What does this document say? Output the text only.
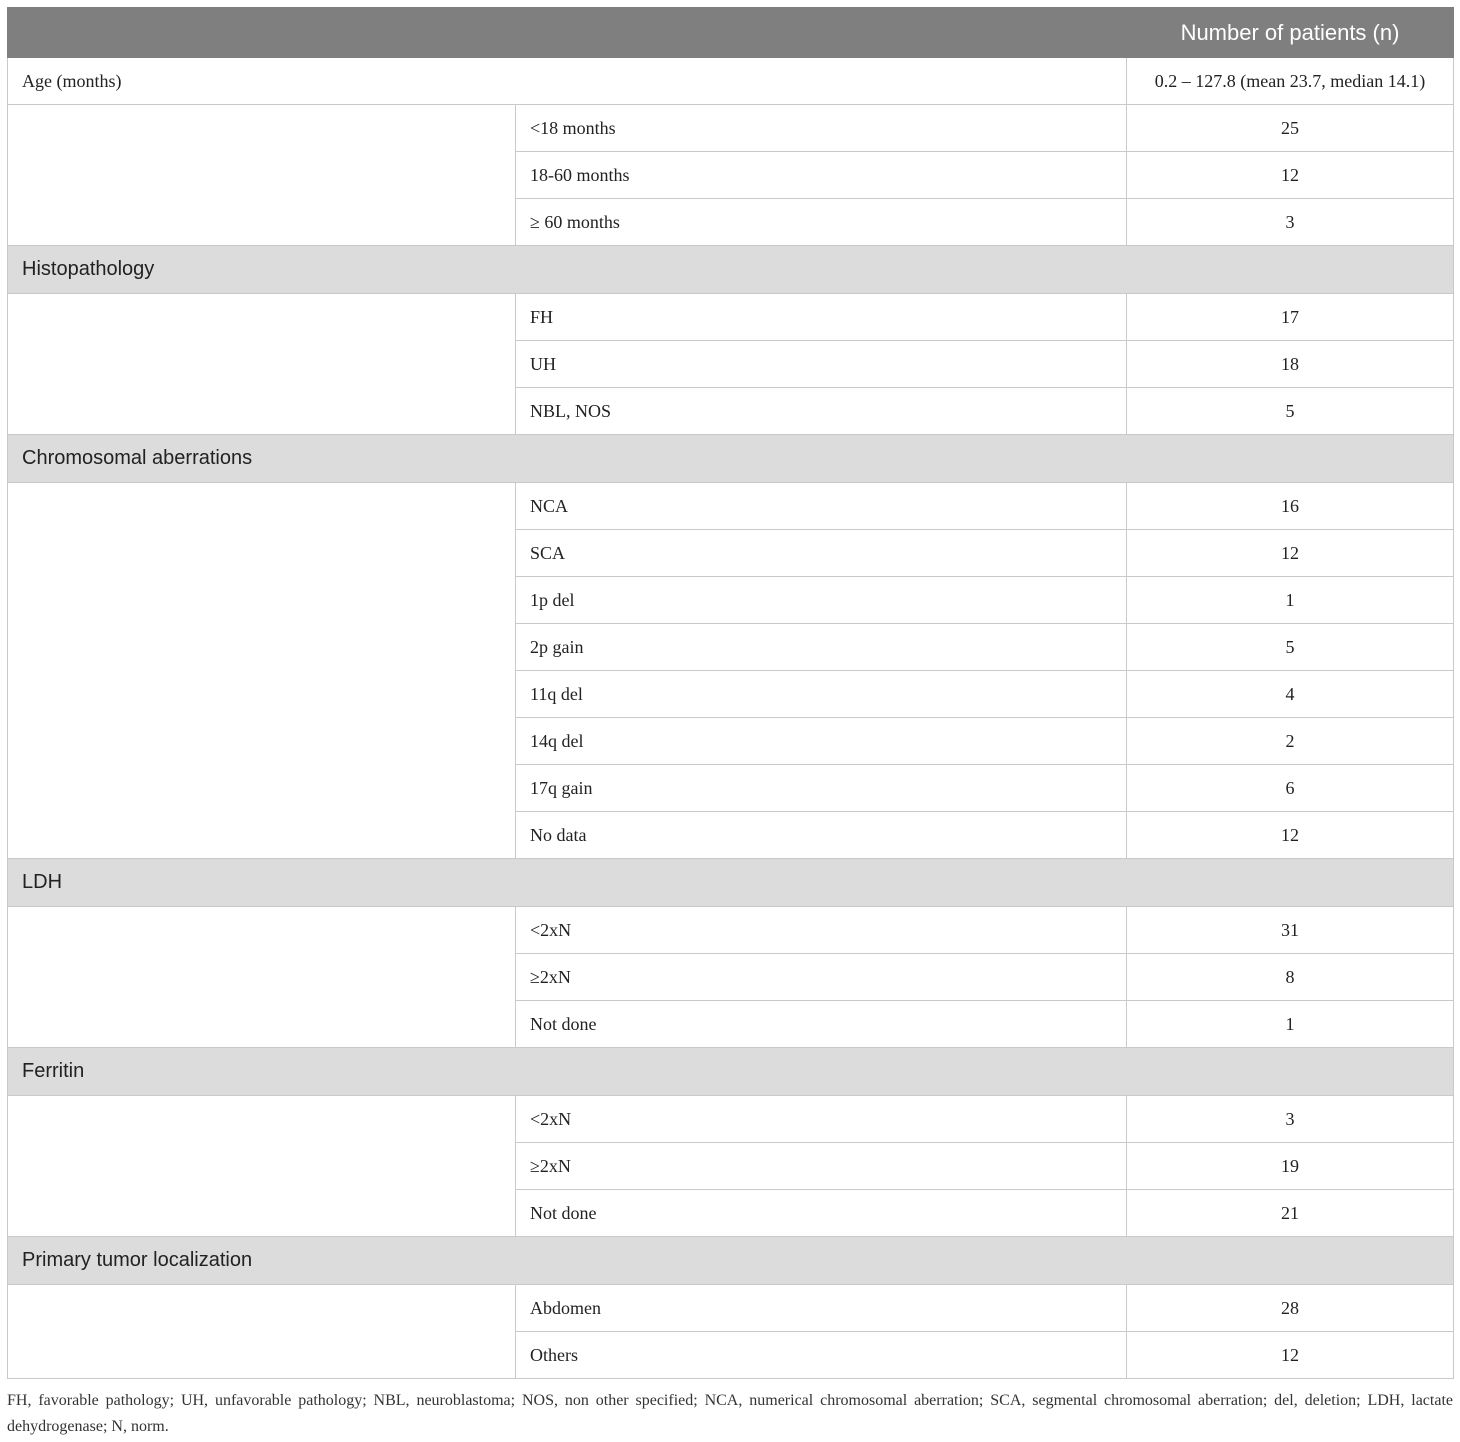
		Number of patients (n)
Age (months)		0.2 – 127.8 (mean 23.7, median 14.1)
	<18 months	25
	18-60 months	12
	≥ 60 months	3
Histopathology		
	FH	17
	UH	18
	NBL, NOS	5
Chromosomal aberrations		
	NCA	16
	SCA	12
	1p del	1
	2p gain	5
	11q del	4
	14q del	2
	17q gain	6
	No data	12
LDH		
	<2xN	31
	≥2xN	8
	Not done	1
Ferritin		
	<2xN	3
	≥2xN	19
	Not done	21
Primary tumor localization		
	Abdomen	28
	Others	12
FH, favorable pathology; UH, unfavorable pathology; NBL, neuroblastoma; NOS, non other specified; NCA, numerical chromosomal aberration; SCA, segmental chromosomal aberration; del, deletion; LDH, lactate dehydrogenase; N, norm.
